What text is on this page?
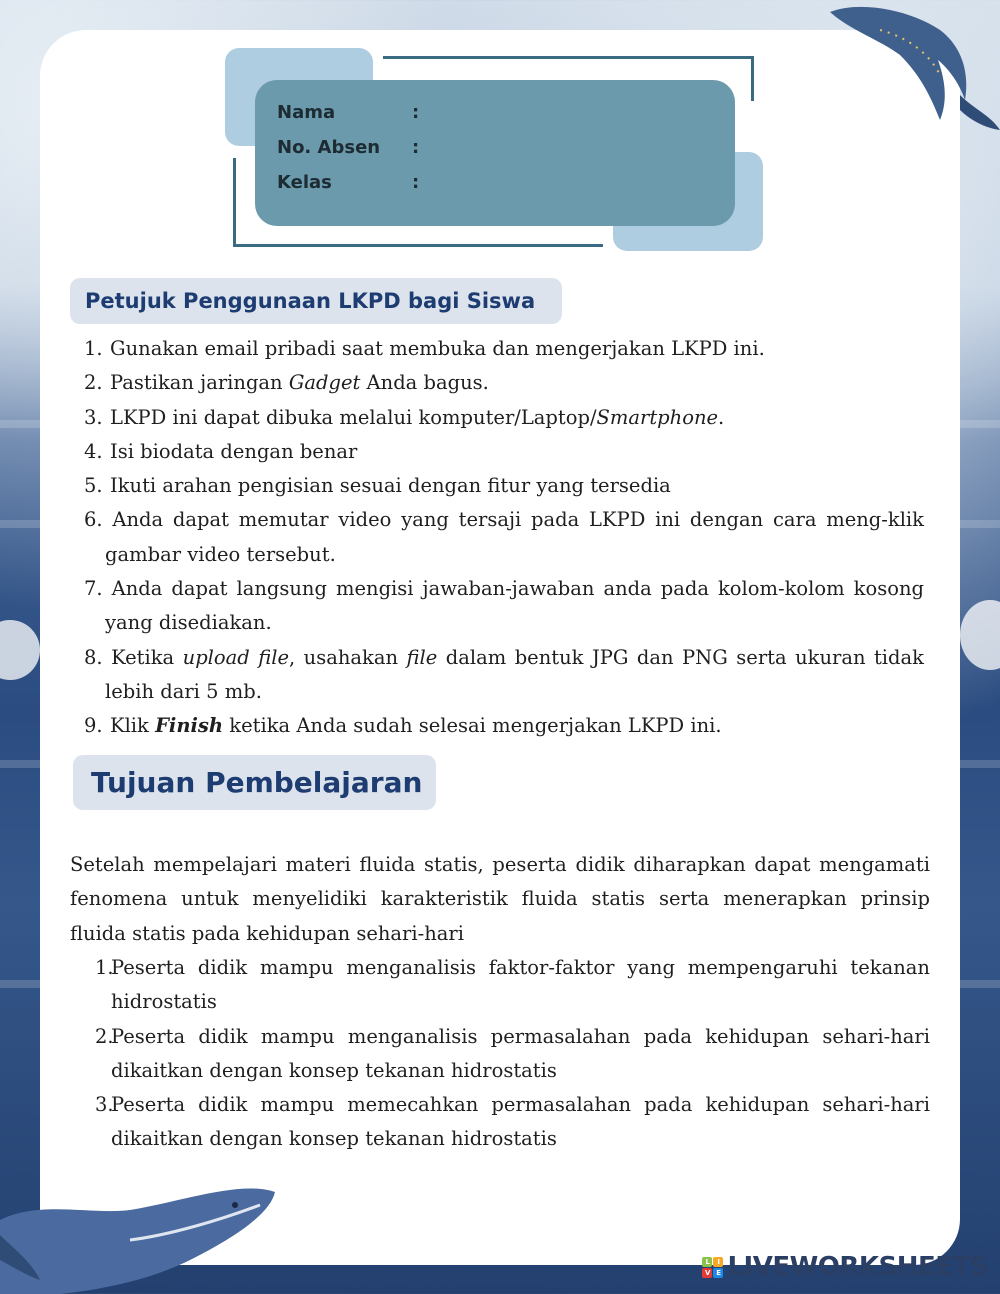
Nama	:
No. Absen :
Kelas	:
Petujuk Penggunaan LKPD bagi Siswa
1. Gunakan email pribadi saat membuka dan mengerjakan LKPD ini.
2. Pastikan jaringan Gadget Anda bagus.
3. LKPD ini dapat dibuka melalui komputer/Laptop/Smartphone.
4. Isi biodata dengan benar
5. Ikuti arahan pengisian sesuai dengan fitur yang tersedia
6. Anda dapat memutar video yang tersaji pada LKPD ini dengan cara meng-klik gambar video tersebut.
7. Anda dapat langsung mengisi jawaban-jawaban anda pada kolom-kolom kosong yang disediakan.
8. Ketika upload file, usahakan file dalam bentuk JPG dan PNG serta ukuran tidak lebih dari 5 mb.
9. Klik Finish ketika Anda sudah selesai mengerjakan LKPD ini.
Tujuan Pembelajaran
Setelah mempelajari materi fluida statis, peserta didik diharapkan dapat mengamati fenomena untuk menyelidiki karakteristik fluida statis serta menerapkan prinsip fluida statis pada kehidupan sehari-hari
1.
Peserta didik mampu menganalisis faktor-faktor yang mempengaruhi tekanan hidrostatis
2.
Peserta didik mampu menganalisis permasalahan pada kehidupan sehari-hari dikaitkan dengan konsep tekanan hidrostatis
3.
Peserta didik mampu memecahkan permasalahan pada kehidupan sehari-hari dikaitkan dengan konsep tekanan hidrostatis
L	I
V E LIVEWORKSHEETS
